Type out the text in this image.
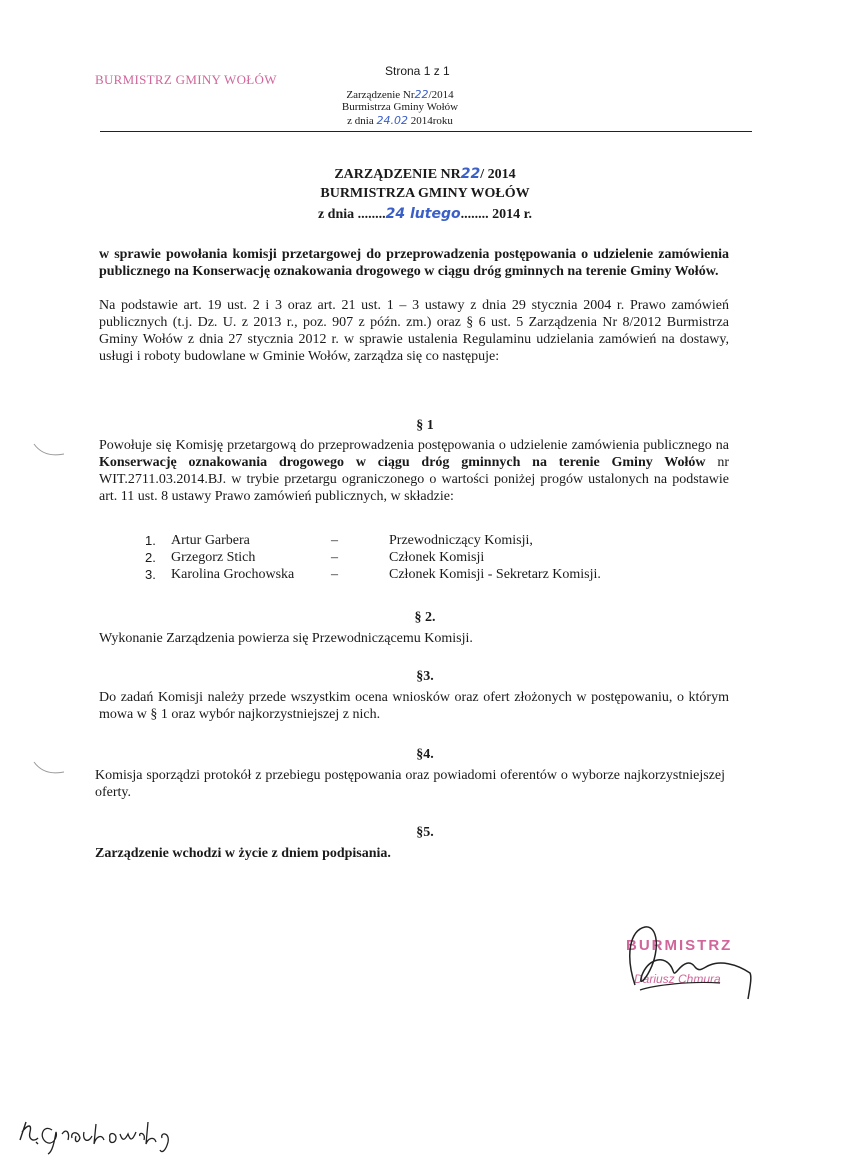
BURMISTRZ GMINY WOŁÓW
Strona 1 z 1
Zarządzenie Nr22/2014
Burmistrza Gminy Wołów
z dnia 24.02 2014roku
ZARZĄDZENIE NR22/ 2014
BURMISTRZA GMINY WOŁÓW
z dnia ........24 lutego........ 2014 r.
w sprawie powołania komisji przetargowej do przeprowadzenia postępowania o udzielenie zamówienia publicznego na Konserwację oznakowania drogowego w ciągu dróg gminnych na terenie Gminy Wołów.
Na podstawie art. 19 ust. 2 i 3 oraz art. 21 ust. 1 – 3 ustawy z dnia 29 stycznia 2004 r. Prawo zamówień publicznych (t.j. Dz. U. z 2013 r., poz. 907 z późn. zm.) oraz § 6 ust. 5 Zarządzenia Nr 8/2012 Burmistrza Gminy Wołów z dnia 27 stycznia 2012 r. w sprawie ustalenia Regulaminu udzielania zamówień na dostawy, usługi i roboty budowlane w Gminie Wołów, zarządza się co następuje:
§ 1
Powołuje się Komisję przetargową do przeprowadzenia postępowania o udzielenie zamówienia publicznego na Konserwację oznakowania drogowego w ciągu dróg gminnych na terenie Gminy Wołów nr WIT.2711.03.2014.BJ. w trybie przetargu ograniczonego o wartości poniżej progów ustalonych na podstawie art. 11 ust. 8 ustawy Prawo zamówień publicznych, w składzie:
1.	Artur Garbera	–	Przewodniczący Komisji,
2.	Grzegorz Stich	–	Członek Komisji
3.	Karolina Grochowska	–	Członek Komisji - Sekretarz Komisji.
§ 2.
Wykonanie Zarządzenia powierza się Przewodniczącemu Komisji.
§3.
Do zadań Komisji należy przede wszystkim ocena wniosków oraz ofert złożonych w postępowaniu, o którym mowa w § 1 oraz wybór najkorzystniejszej z nich.
§4.
Komisja sporządzi protokół z przebiegu postępowania oraz powiadomi oferentów o wyborze najkorzystniejszej oferty.
§5.
Zarządzenie wchodzi w życie z dniem podpisania.
BURMISTRZ
Dariusz Chmura
